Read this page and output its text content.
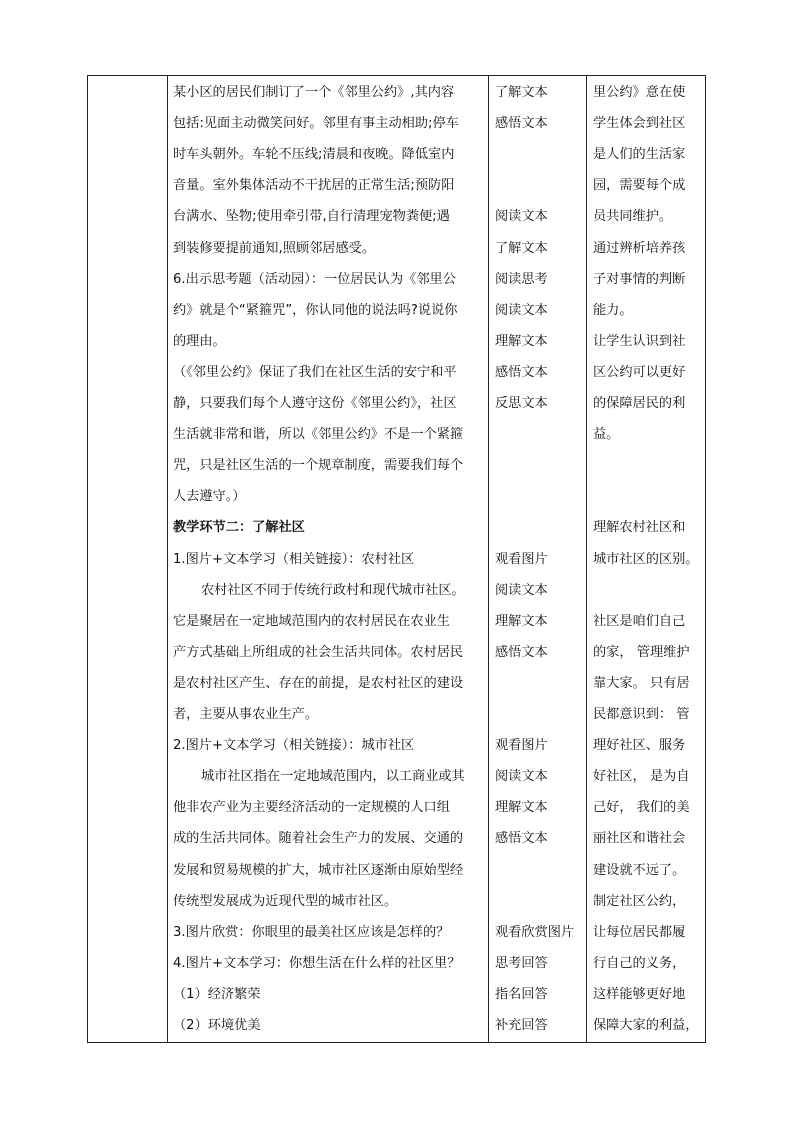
某小区的居民们制订了一个《邻里公约》,其内容
包括:见面主动微笑问好。邻里有事主动相助;停车
时车头朝外。车轮不压线;清晨和夜晚。降低室内
音量。室外集体活动不干扰居的正常生活;预防阳
台满水、坠物;使用牵引带,自行清理宠物粪便;遇
到装修要提前通知,照顾邻居感受。
6.出示思考题（活动园）：一位居民认为《邻里公
约》就是个“紧箍咒”，你认同他的说法吗?说说你
的理由。
（《邻里公约》保证了我们在社区生活的安宁和平
静，只要我们每个人遵守这份《邻里公约》，社区
生活就非常和谐，所以《邻里公约》不是一个紧箍
咒，只是社区生活的一个规章制度，需要我们每个
人去遵守。）
教学环节二：了解社区
1.图片+文本学习（相关链接）：农村社区
农村社区不同于传统行政村和现代城市社区。
它是聚居在一定地域范围内的农村居民在农业生
产方式基础上所组成的社会生活共同体。农村居民
是农村社区产生、存在的前提，是农村社区的建设
者，主要从事农业生产。
2.图片+文本学习（相关链接）：城市社区
城市社区指在一定地域范围内，以工商业或其
他非农产业为主要经济活动的一定规模的人口组
成的生活共同体。随着社会生产力的发展、交通的
发展和贸易规模的扩大，城市社区逐渐由原始型经
传统型发展成为近现代型的城市社区。
3.图片欣赏：你眼里的最美社区应该是怎样的？
4.图片+文本学习：你想生活在什么样的社区里？
（1）经济繁荣
（2）环境优美
了解文本
感悟文本
阅读文本
了解文本
阅读思考
阅读文本
理解文本
感悟文本
反思文本
观看图片
阅读文本
理解文本
感悟文本
观看图片
阅读文本
理解文本
感悟文本
观看欣赏图片
思考回答
指名回答
补充回答
里公约》意在使
学生体会到社区
是人们的生活家
园，需要每个成
员共同维护。
通过辨析培养孩
子对事情的判断
能力。
让学生认识到社
区公约可以更好
的保障居民的利
益。
理解农村社区和
城市社区的区别。
社区是咱们自己
的家， 管理维护
靠大家。 只有居
民都意识到： 管
理好社区、服务
好社区， 是为自
己好， 我们的美
丽社区和谐社会
建设就不远了。
制定社区公约，
让每位居民都履
行自己的义务，
这样能够更好地
保障大家的利益，
